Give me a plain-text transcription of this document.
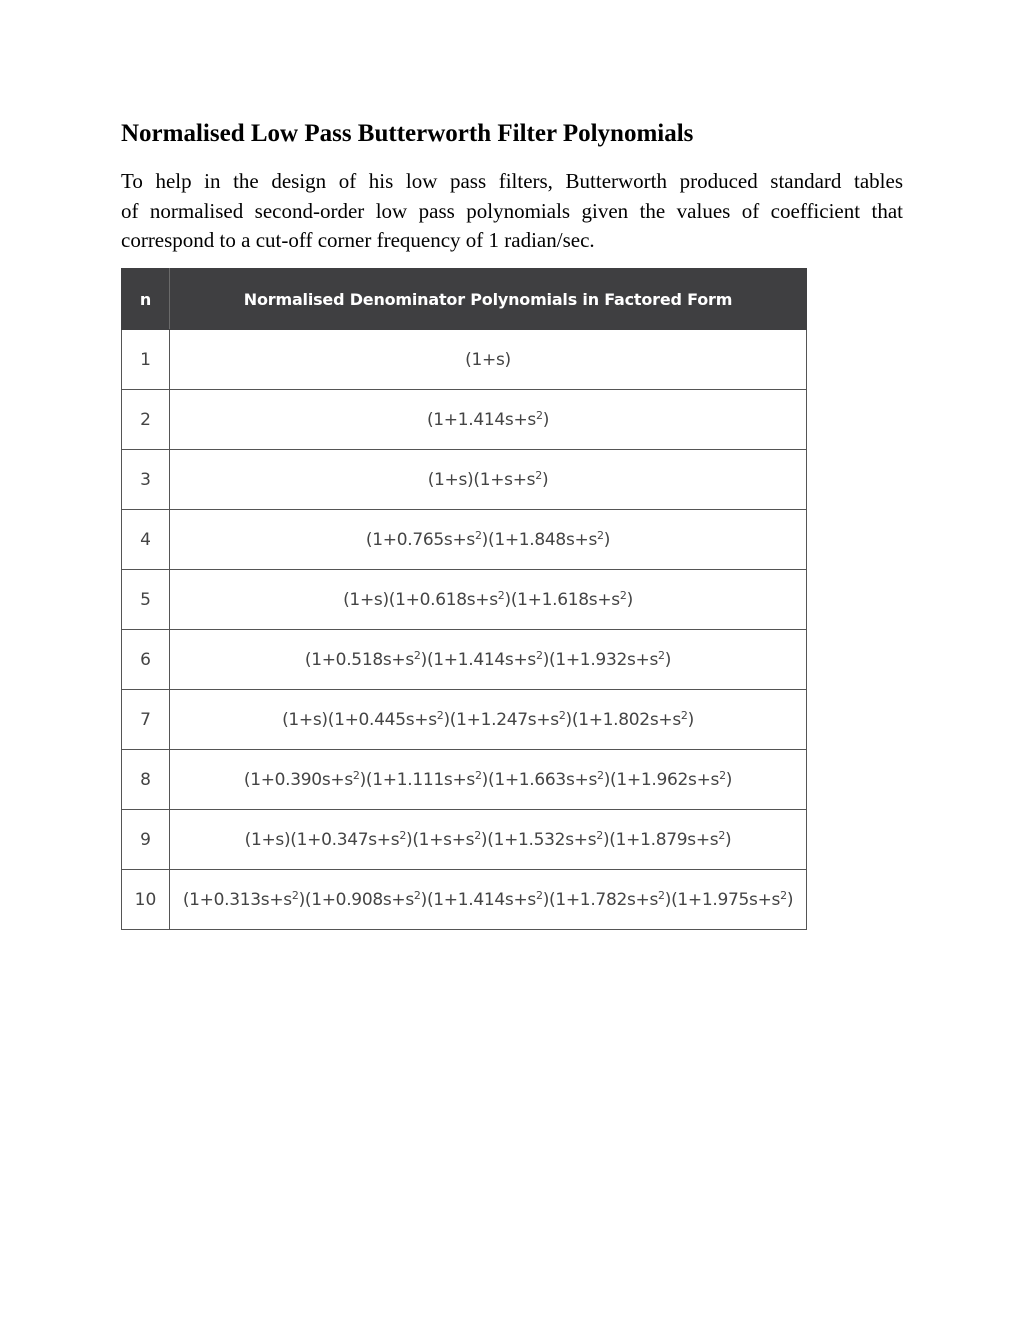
Normalised Low Pass Butterworth Filter Polynomials

To help in the design of his low pass filters, Butterworth produced standard tables
of normalised second-order low pass polynomials given the values of coefficient that
correspond to a cut-off corner frequency of 1 radian/sec.

n	Normalised Denominator Polynomials in Factored Form
1	(1+s)
2	$(1+1.414s+s^2)$
3	$(1+s)(1+s+s^2)$
4	$(1+0.765s+s^2)(1+1.848s+s^2)$
5	$(1+s)(1+0.618s+s^2)(1+1.618s+s^2)$
6	$(1+0.518s+s^2)(1+1.414s+s^2)(1+1.932s+s^2)$
7	$(1+s)(1+0.445s+s^2)(1+1.247s+s^2)(1+1.802s+s^2)$
8	$(1+0.390s+s^2)(1+1.111s+s^2)(1+1.663s+s^2)(1+1.962s+s^2)$
9	$(1+s)(1+0.347s+s^2)(1+s+s^2)(1+1.532s+s^2)(1+1.879s+s^2)$
10	$(1+0.313s+s^2)(1+0.908s+s^2)(1+1.414s+s^2)(1+1.782s+s^2)(1+1.975s+s^2)$
